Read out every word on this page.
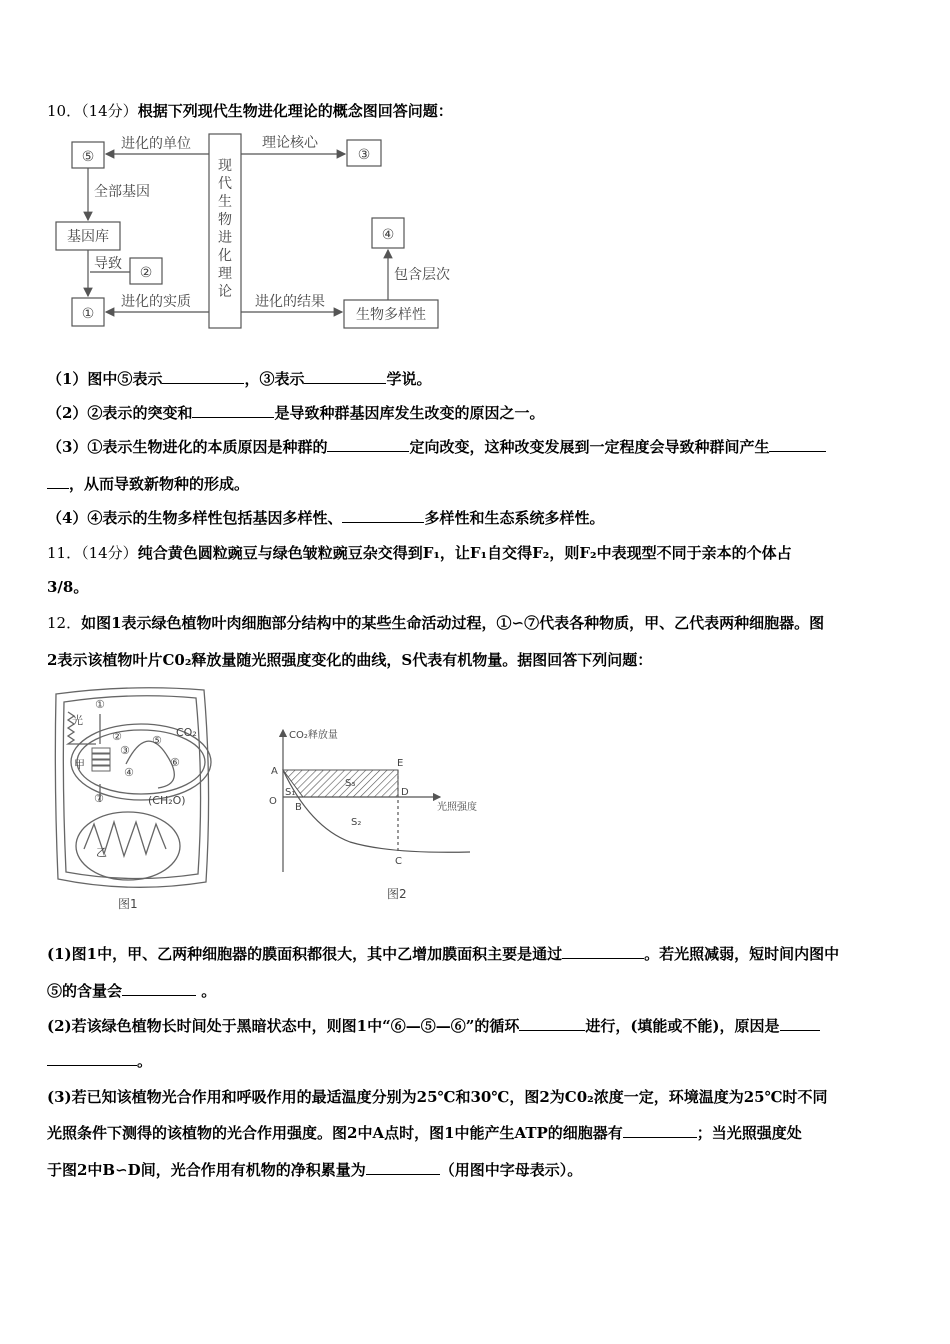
10．（14分）根据下列现代生物进化理论的概念图回答问题：
⑤	③
④
②
①
基因库
生物多样性
进化的单位	理论核心
全部基因
导致
进化的实质	进化的结果
包含层次
现
代
生
物
进
化
理
论
（1）图中⑤表示	，③表示	学说。
（2）②表示的突变和	是导致种群基因库发生改变的原因之一。
（3）①表示生物进化的本质原因是种群的	定向改变，这种改变发展到一定程度会导致种群间产生
，从而导致新物种的形成。
（4）④表示的生物多样性包括基因多样性、	多样性和生态系统多样性。
11．（14分）纯合黄色圆粒豌豆与绿色皱粒豌豆杂交得到F₁，让F₁自交得F₂，则F₂中表现型不同于亲本的个体占
3/8。
12．如图1表示绿色植物叶肉细胞部分结构中的某些生命活动过程，①∽⑦代表各种物质，甲、乙代表两种细胞器。图
2表示该植物叶片C0₂释放量随光照强度变化的曲线，S代表有机物量。据图回答下列问题：
光
甲
乙
CO₂
(CH₂O)
①
②
③
④
⑤
⑥
⑦
图1
CO₂释放量
光照强度
A
O
B
C
D
E
S₁
S₂
S₃
图2
(1)图1中，甲、乙两种细胞器的膜面积都很大，其中乙增加膜面积主要是通过	。若光照减弱，短时间内图中
⑤的含量会	。
(2)若该绿色植物长时间处于黑暗状态中，则图1中“⑥—⑤—⑥”的循环	进行，(填能或不能)，原因是
。
(3)若已知该植物光合作用和呼吸作用的最适温度分别为25℃和30℃，图2为C0₂浓度一定，环境温度为25℃时不同
光照条件下测得的该植物的光合作用强度。图2中A点时，图1中能产生ATP的细胞器有	；当光照强度处
于图2中B∽D间，光合作用有机物的净积累量为	（用图中字母表示）。
